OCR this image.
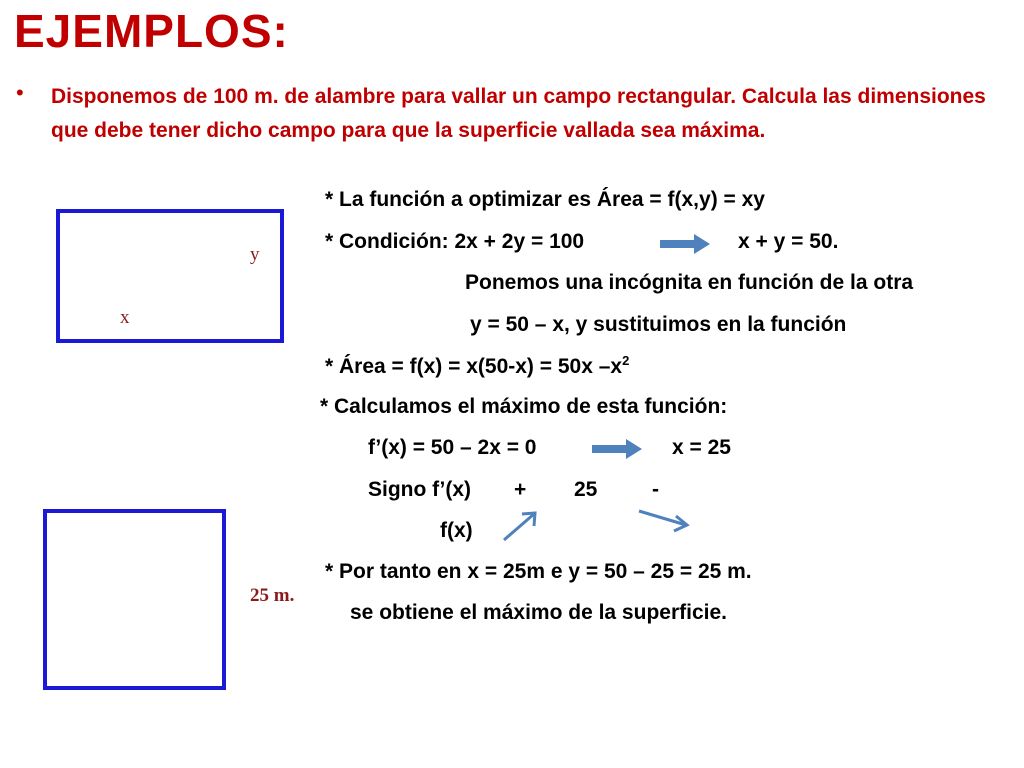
EJEMPLOS:
• Disponemos de 100 m. de alambre para vallar un campo rectangular. Calcula las dimensiones que debe tener dicho campo para que la superficie vallada sea máxima.
y
x
25 m.
* La función a optimizar es Área = f(x,y) = xy
* Condición: 2x + 2y = 100	x + y = 50.
Ponemos una incógnita en función de la otra
y = 50 – x, y sustituimos en la función
* Área = f(x) = x(50-x) = 50x $-x^2$
* Calculamos el máximo de esta función:
f’(x) = 50 – 2x = 0	x = 25
Signo f’(x) + 25	-
f(x)
* Por tanto en x = 25m e y = 50 – 25 = 25 m.
se obtiene el máximo de la superficie.
